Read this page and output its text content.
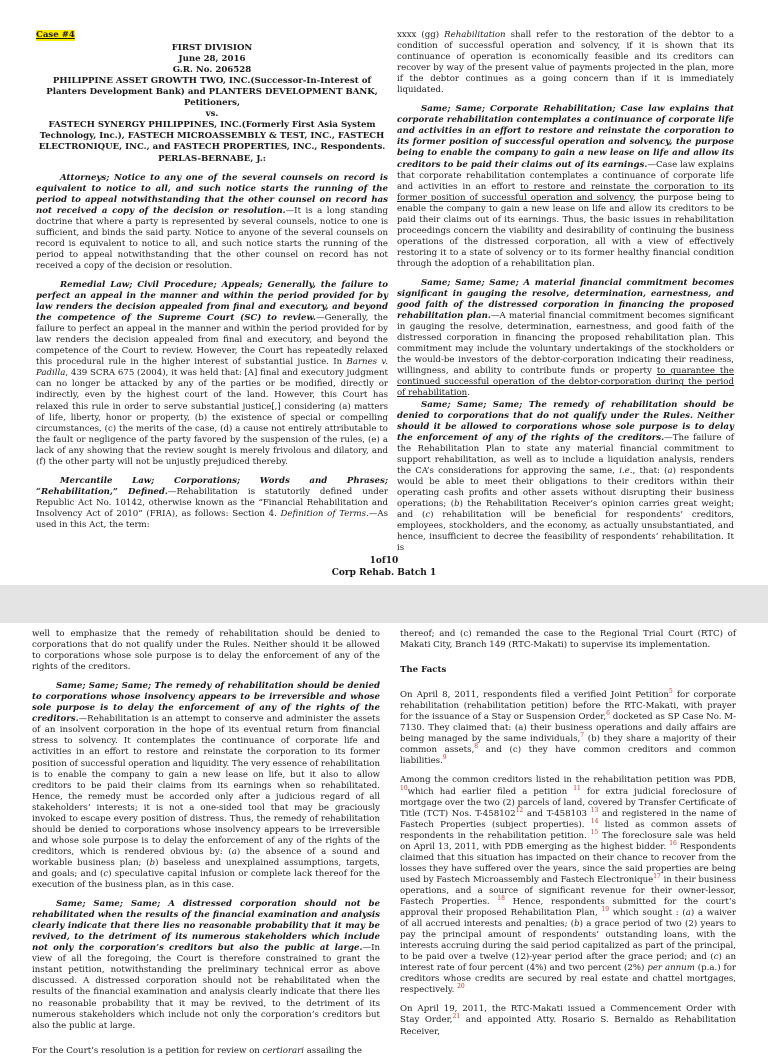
Case #4
FIRST DIVISION
June 28, 2016
G.R. No. 206528
PHILIPPINE ASSET GROWTH TWO, INC.(Successor-In-Interest of Planters Development Bank) and PLANTERS DEVELOPMENT BANK, Petitioners,
vs.
FASTECH SYNERGY PHILIPPINES, INC.(Formerly First Asia System Technology, Inc.), FASTECH MICROASSEMBLY & TEST, INC., FASTECH ELECTRONIQUE, INC., and FASTECH PROPERTIES, INC., Respondents.
PERLAS-BERNABE, J.:

Attorneys; Notice to any one of the several counsels on record is equivalent to notice to all, and such notice starts the running of the period to appeal notwithstanding that the other counsel on record has not received a copy of the decision or resolution.—It is a long standing doctrine that where a party is represented by several counsels, notice to one is sufficient, and binds the said party. Notice to anyone of the several counsels on record is equivalent to notice to all, and such notice starts the running of the period to appeal notwithstanding that the other counsel on record has not received a copy of the decision or resolution.

Remedial Law; Civil Procedure; Appeals; Generally, the failure to perfect an appeal in the manner and within the period provided for by law renders the decision appealed from final and executory, and beyond the competence of the Supreme Court (SC) to review.—Generally, the failure to perfect an appeal in the manner and within the period provided for by law renders the decision appealed from final and executory, and beyond the competence of the Court to review. However, the Court has repeatedly relaxed this procedural rule in the higher interest of substantial justice. In Barnes v. Padilla, 439 SCRA 675 (2004), it was held that: [A] final and executory judgment can no longer be attacked by any of the parties or be modified, directly or indirectly, even by the highest court of the land. However, this Court has relaxed this rule in order to serve substantial justice[,] considering (a) matters of life, liberty, honor or property, (b) the existence of special or compelling circumstances, (c) the merits of the case, (d) a cause not entirely attributable to the fault or negligence of the party favored by the suspension of the rules, (e) a lack of any showing that the review sought is merely frivolous and dilatory, and (f) the other party will not be unjustly prejudiced thereby.

Mercantile Law; Corporations; Words and Phrases; “Rehabilitation,” Defined.—Rehabilitation is statutorily defined under Republic Act No. 10142, otherwise known as the “Financial Rehabilitation and Insolvency Act of 2010” (FRIA), as follows: Section 4. Definition of Terms.—As used in this Act, the term:

xxxx (gg) Rehabilitation shall refer to the restoration of the debtor to a condition of successful operation and solvency, if it is shown that its continuance of operation is economically feasible and its creditors can recover by way of the present value of payments projected in the plan, more if the debtor continues as a going concern than if it is immediately liquidated.

Same; Same; Corporate Rehabilitation; Case law explains that corporate rehabilitation contemplates a continuance of corporate life and activities in an effort to restore and reinstate the corporation to its former position of successful operation and solvency, the purpose being to enable the company to gain a new lease on life and allow its creditors to be paid their claims out of its earnings.—Case law explains that corporate rehabilitation contemplates a continuance of corporate life and activities in an effort to restore and reinstate the corporation to its former position of successful operation and solvency, the purpose being to enable the company to gain a new lease on life and allow its creditors to be paid their claims out of its earnings. Thus, the basic issues in rehabilitation proceedings concern the viability and desirability of continuing the business operations of the distressed corporation, all with a view of effectively restoring it to a state of solvency or to its former healthy financial condition through the adoption of a rehabilitation plan.

Same; Same; Same; A material financial commitment becomes significant in gauging the resolve, determination, earnestness, and good faith of the distressed corporation in financing the proposed rehabilitation plan.—A material financial commitment becomes significant in gauging the resolve, determination, earnestness, and good faith of the distressed corporation in financing the proposed rehabilitation plan. This commitment may include the voluntary undertakings of the stockholders or the would-be investors of the debtor-corporation indicating their readiness, willingness, and ability to contribute funds or property to guarantee the continued successful operation of the debtor-corporation during the period of rehabilitation.

Same; Same; Same; The remedy of rehabilitation should be denied to corporations that do not qualify under the Rules. Neither should it be allowed to corporations whose sole purpose is to delay the enforcement of any of the rights of the creditors.—The failure of the Rehabilitation Plan to state any material financial commitment to support rehabilitation, as well as to include a liquidation analysis, renders the CA’s considerations for approving the same, i.e., that: (a) respondents would be able to meet their obligations to their creditors within their operating cash profits and other assets without disrupting their business operations; (b) the Rehabilitation Receiver’s opinion carries great weight; and (c) rehabilitation will be beneficial for respondents’ creditors, employees, stockholders, and the economy, as actually unsubstantiated, and hence, insufficient to decree the feasibility of respondents’ rehabilitation. It is

1of10
Corp Rehab. Batch 1

well to emphasize that the remedy of rehabilitation should be denied to corporations that do not qualify under the Rules. Neither should it be allowed to corporations whose sole purpose is to delay the enforcement of any of the rights of the creditors.

Same; Same; Same; The remedy of rehabilitation should be denied to corporations whose insolvency appears to be irreversible and whose sole purpose is to delay the enforcement of any of the rights of the creditors.—Rehabilitation is an attempt to conserve and administer the assets of an insolvent corporation in the hope of its eventual return from financial stress to solvency. It contemplates the continuance of corporate life and activities in an effort to restore and reinstate the corporation to its former position of successful operation and liquidity. The very essence of rehabilitation is to enable the company to gain a new lease on life, but it also to allow creditors to be paid their claims from its earnings when so rehabilitated. Hence, the remedy must be accorded only after a judicious regard of all stakeholders’ interests; it is not a one-sided tool that may be graciously invoked to escape every position of distress. Thus, the remedy of rehabilitation should be denied to corporations whose insolvency appears to be irreversible and whose sole purpose is to delay the enforcement of any of the rights of the creditors, which is rendered obvious by: (a) the absence of a sound and workable business plan; (b) baseless and unexplained assumptions, targets, and goals; and (c) speculative capital infusion or complete lack thereof for the execution of the business plan, as in this case.

Same; Same; Same; A distressed corporation should not be rehabilitated when the results of the financial examination and analysis clearly indicate that there lies no reasonable probability that it may be revived, to the detriment of its numerous stakeholders which include not only the corporation’s creditors but also the public at large.—In view of all the foregoing, the Court is therefore constrained to grant the instant petition, notwithstanding the preliminary technical error as above discussed. A distressed corporation should not be rehabilitated when the results of the financial examination and analysis clearly indicate that there lies no reasonable probability that it may be revived, to the detriment of its numerous stakeholders which include not only the corporation’s creditors but also the public at large.

For the Court’s resolution is a petition for review on certiorari assailing the

thereof; and (c) remanded the case to the Regional Trial Court (RTC) of Makati City, Branch 149 (RTC-Makati) to supervise its implementation.

The Facts

On April 8, 2011, respondents filed a verified Joint Petition$^5$ for corporate rehabilitation (rehabilitation petition) before the RTC-Makati, with prayer for the issuance of a Stay or Suspension Order,$^6$ docketed as SP Case No. M-7130. They claimed that: (a) their business operations and daily affairs are being managed by the same individuals,$^7$ (b) they share a majority of their common assets,$^8$ and (c) they have common creditors and common liabilities.$^9$

Among the common creditors listed in the rehabilitation petition was PDB, $^{10}$which had earlier filed a petition $^{11}$ for extra judicial foreclosure of mortgage over the two (2) parcels of land, covered by Transfer Certificate of Title (TCT) Nos. T-458102$^{12}$ and T-458103 $^{13}$ and registered in the name of Fastech Properties (subject properties). $^{14}$ listed as common assets of respondents in the rehabilitation petition. $^{15}$ The foreclosure sale was held on April 13, 2011, with PDB emerging as the highest bidder. $^{16}$ Respondents claimed that this situation has impacted on their chance to recover from the losses they have suffered over the years, since the said properties are being used by Fastech Microassembly and Fastech Electronique$^{17}$ in their business operations, and a source of significant revenue for their owner-lessor, Fastech Properties. $^{18}$ Hence, respondents submitted for the court’s approval their proposed Rehabilitation Plan, $^{19}$ which sought : (a) a waiver of all accrued interests and penalties; (b) a grace period of two (2) years to pay the principal amount of respondents’ outstanding loans, with the interests accruing during the said period capitalized as part of the principal, to be paid over a twelve (12)-year period after the grace period; and (c) an interest rate of four percent (4%) and two percent (2%) per annum (p.a.) for creditors whose credits are secured by real estate and chattel mortgages, respectively. $^{20}$

On April 19, 2011, the RTC-Makati issued a Commencement Order with Stay Order,$^{21}$ and appointed Atty. Rosario S. Bernaldo as Rehabilitation Receiver,
